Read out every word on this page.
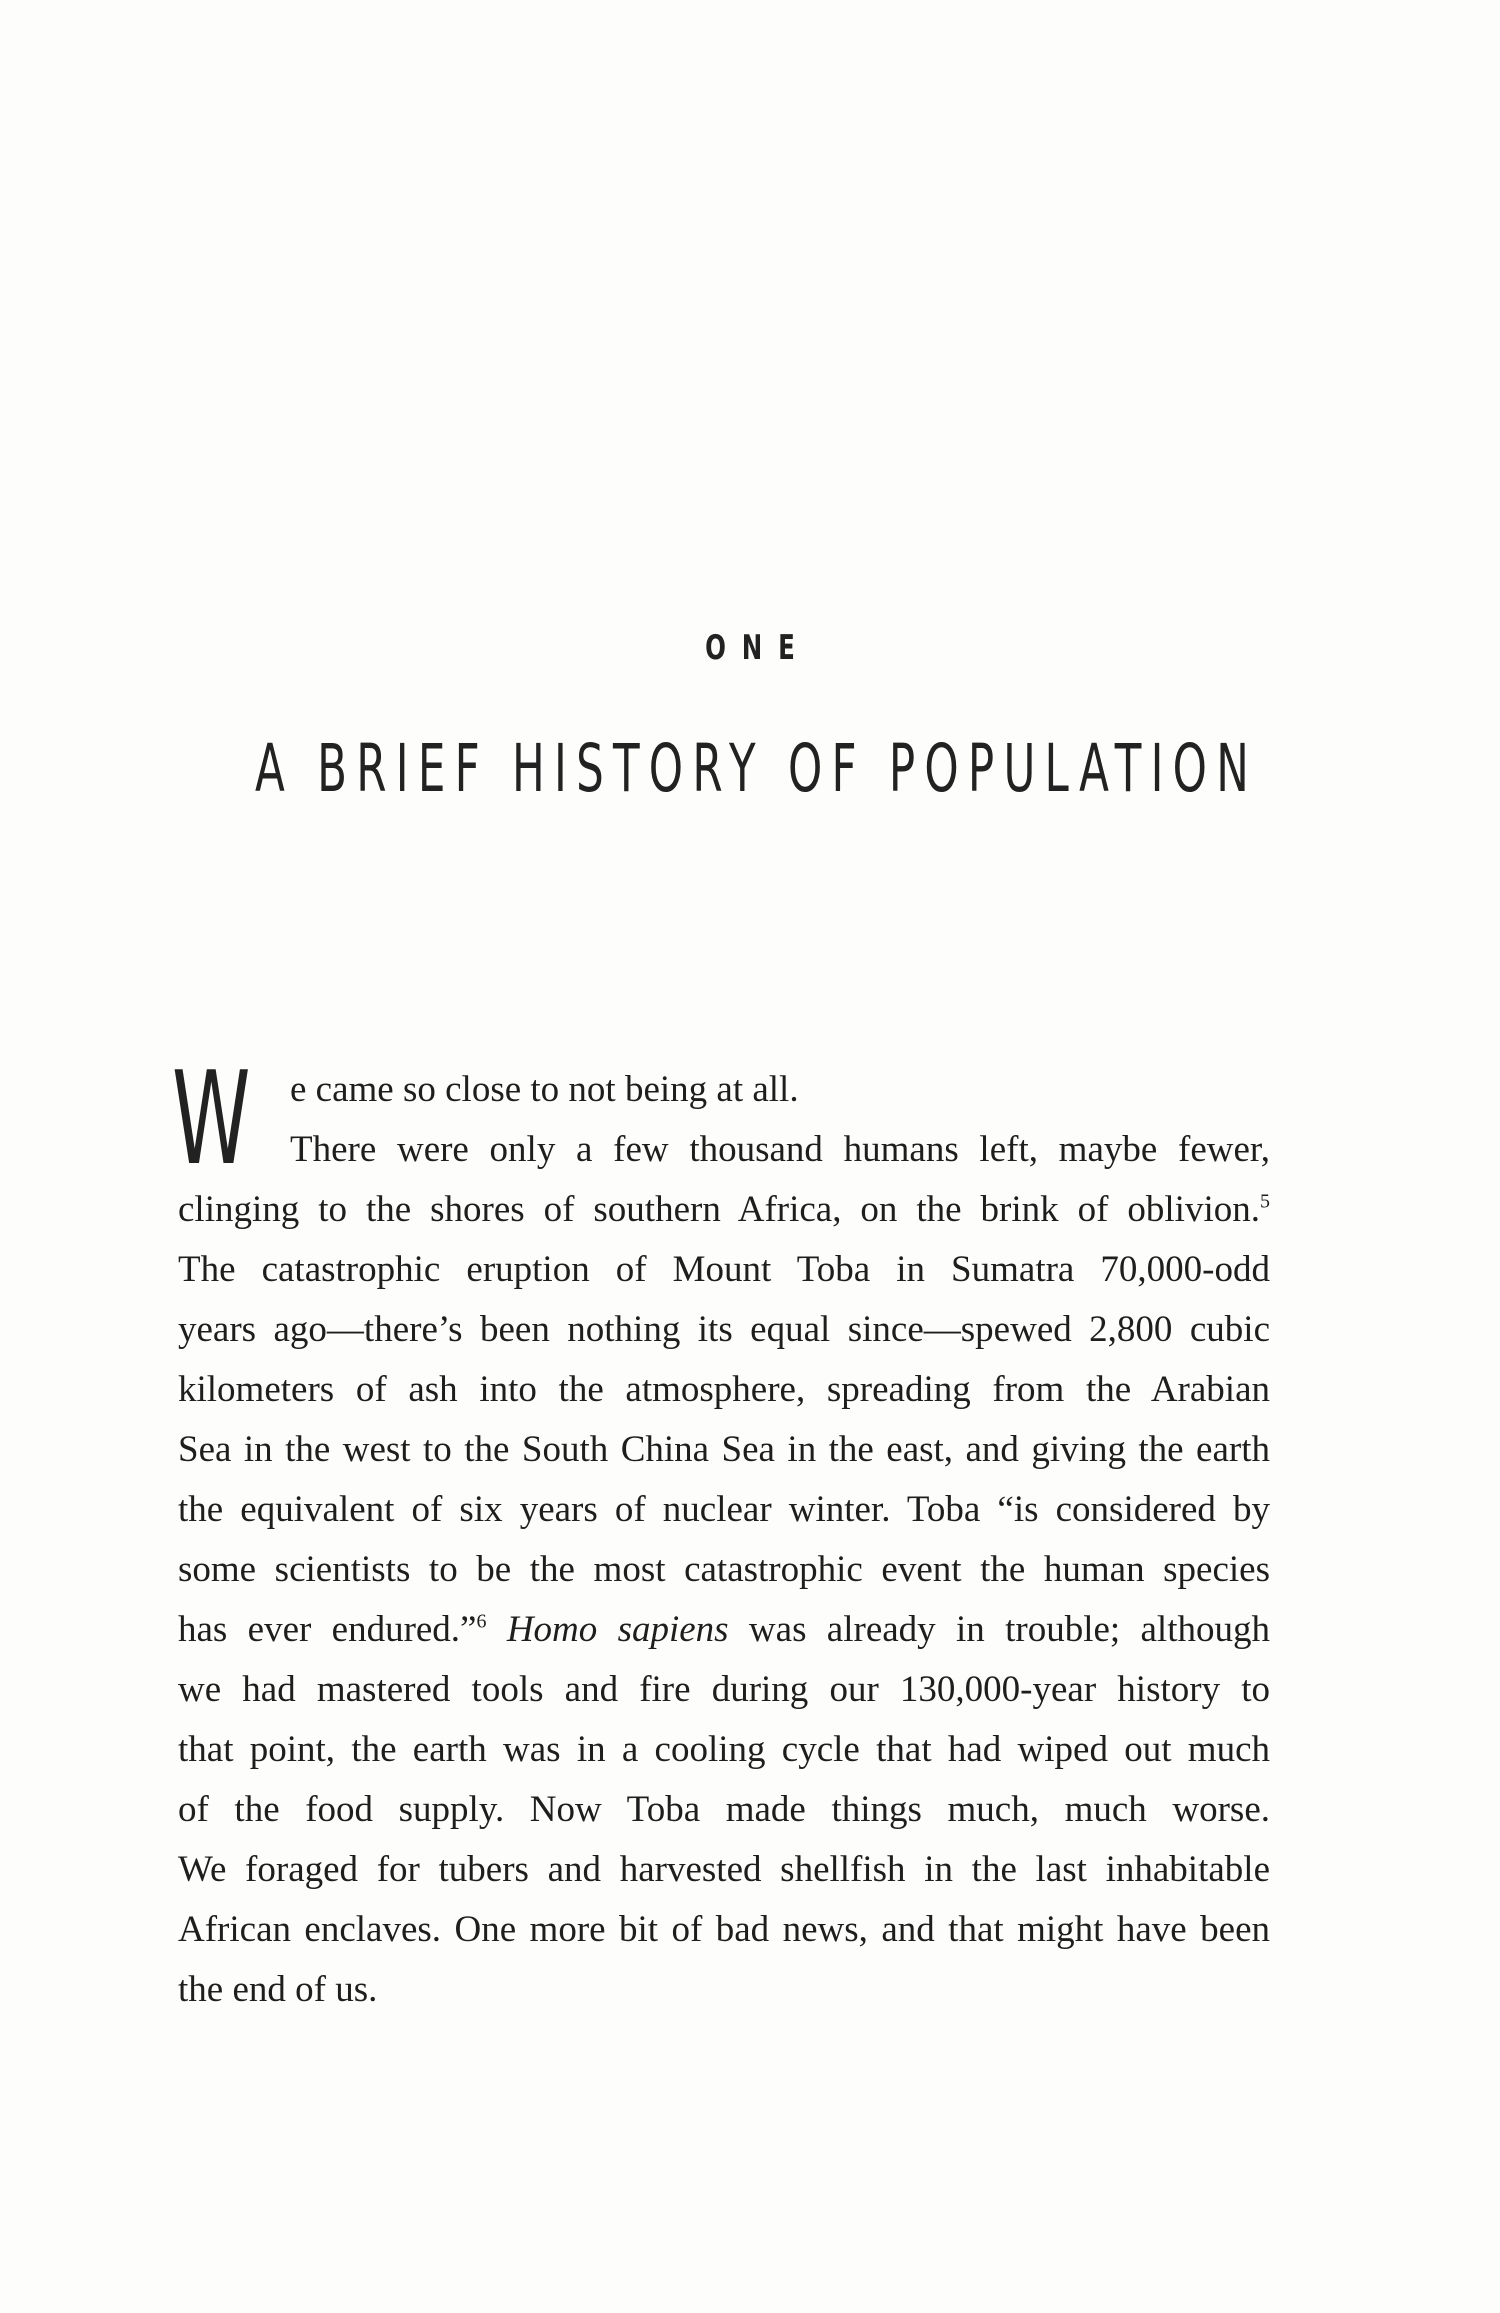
ONE
A BRIEF HISTORY OF POPULATION
W	e came so close to not being at all.
There were only a few thousand humans left, maybe fewer,
clinging to the shores of southern Africa, on the brink of oblivion.$^5$
The catastrophic eruption of Mount Toba in Sumatra 70,000-odd
years ago—there’s been nothing its equal since—spewed 2,800 cubic
kilometers of ash into the atmosphere, spreading from the Arabian
Sea in the west to the South China Sea in the east, and giving the earth
the equivalent of six years of nuclear winter. Toba “is considered by
some scientists to be the most catastrophic event the human species
has ever endured.”$^6$ Homo sapiens was already in trouble; although
we had mastered tools and fire during our 130,000-year history to
that point, the earth was in a cooling cycle that had wiped out much
of the food supply. Now Toba made things much, much worse.
We foraged for tubers and harvested shellfish in the last inhabitable
African enclaves. One more bit of bad news, and that might have been
the end of us.
